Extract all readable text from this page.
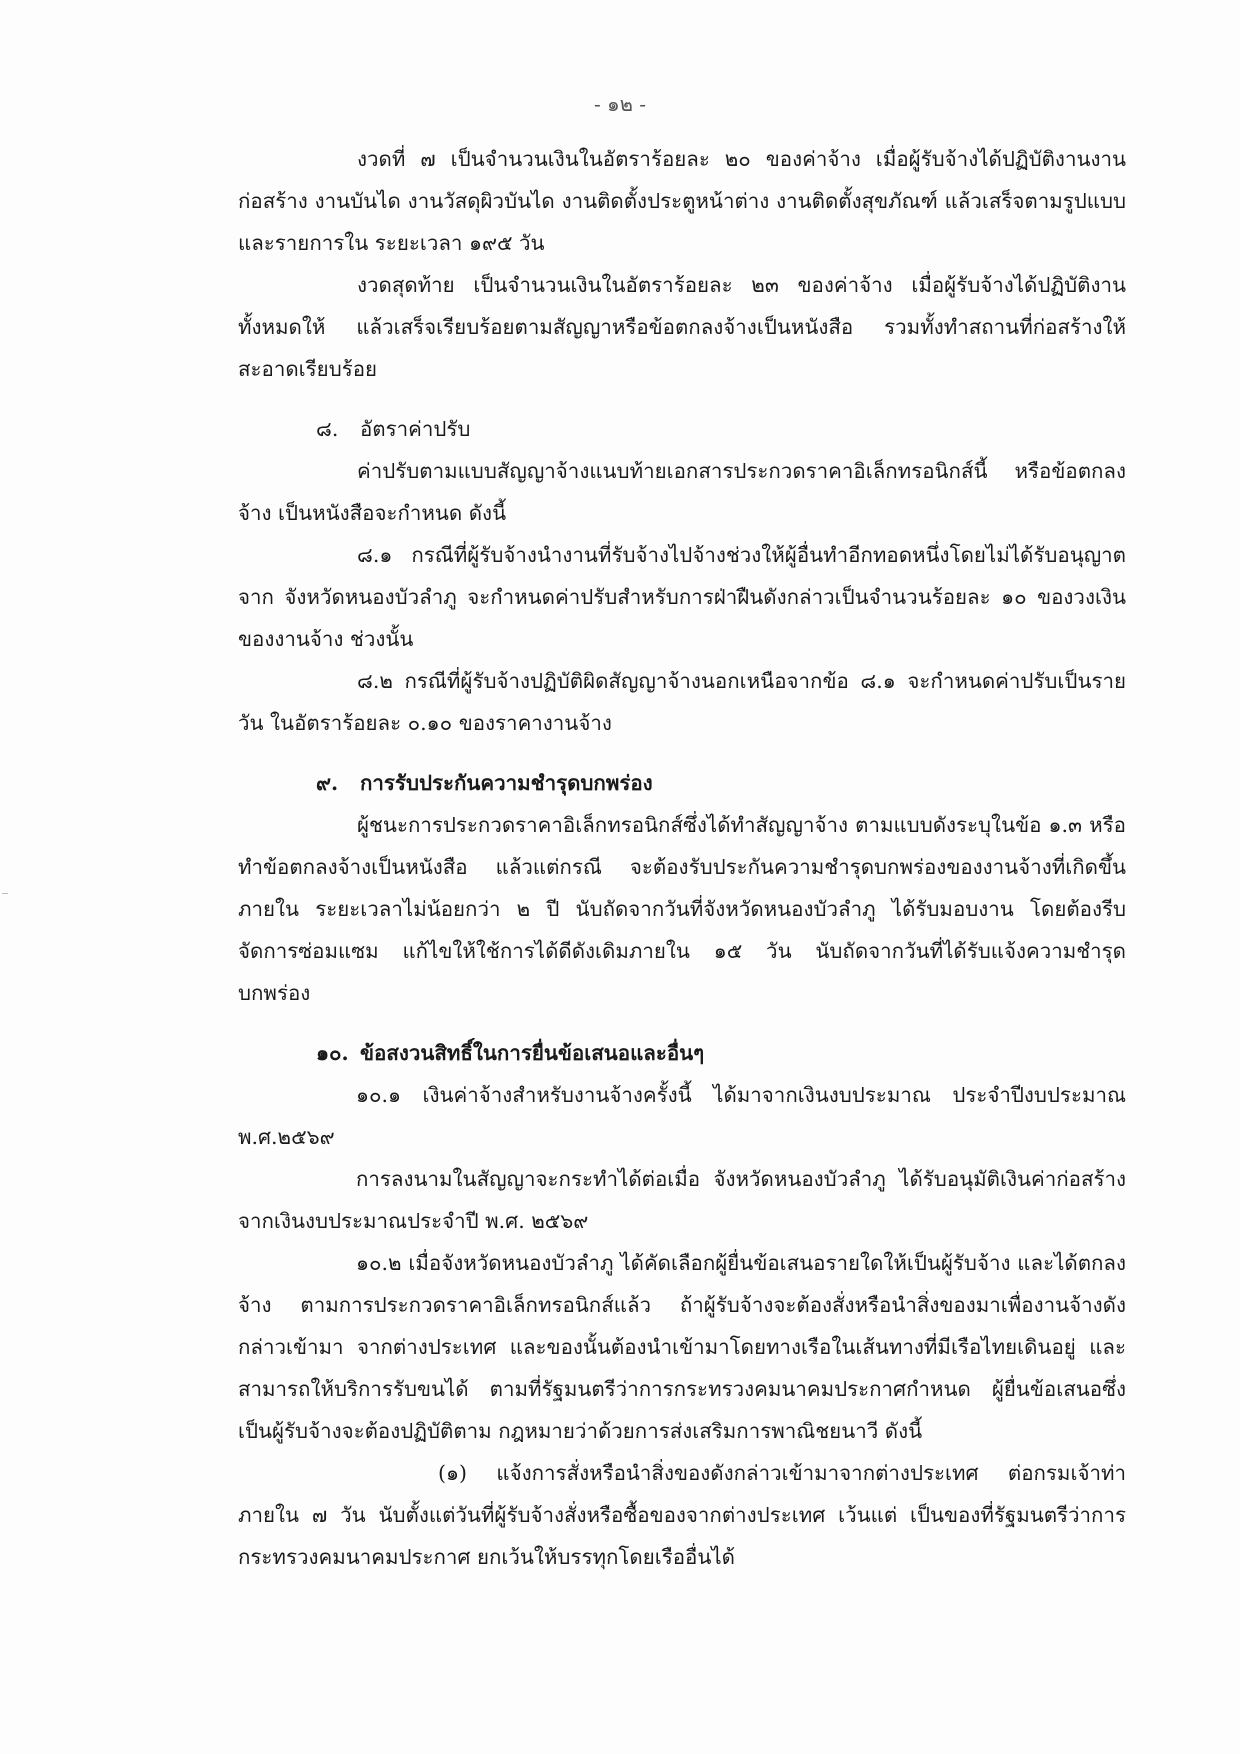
- ๑๒ -

งวดที่ ๗ เป็นจำนวนเงินในอัตราร้อยละ ๒๐ ของค่าจ้าง เมื่อผู้รับจ้างได้ปฏิบัติงานงานก่อสร้าง งานบันได งานวัสดุผิวบันได งานติดตั้งประตูหน้าต่าง งานติดตั้งสุขภัณฑ์ แล้วเสร็จตามรูปแบบและรายการใน ระยะเวลา ๑๙๕ วัน

งวดสุดท้าย เป็นจำนวนเงินในอัตราร้อยละ ๒๓ ของค่าจ้าง เมื่อผู้รับจ้างได้ปฏิบัติงานทั้งหมดให้ แล้วเสร็จเรียบร้อยตามสัญญาหรือข้อตกลงจ้างเป็นหนังสือ รวมทั้งทำสถานที่ก่อสร้างให้สะอาดเรียบร้อย

๘. อัตราค่าปรับ

ค่าปรับตามแบบสัญญาจ้างแนบท้ายเอกสารประกวดราคาอิเล็กทรอนิกส์นี้ หรือข้อตกลงจ้าง เป็นหนังสือจะกำหนด ดังนี้

๘.๑ กรณีที่ผู้รับจ้างนำงานที่รับจ้างไปจ้างช่วงให้ผู้อื่นทำอีกทอดหนึ่งโดยไม่ได้รับอนุญาตจาก จังหวัดหนองบัวลำภู จะกำหนดค่าปรับสำหรับการฝ่าฝืนดังกล่าวเป็นจำนวนร้อยละ ๑๐ ของวงเงินของงานจ้าง ช่วงนั้น

๘.๒ กรณีที่ผู้รับจ้างปฏิบัติผิดสัญญาจ้างนอกเหนือจากข้อ ๘.๑ จะกำหนดค่าปรับเป็นรายวัน ในอัตราร้อยละ ๐.๑๐ ของราคางานจ้าง

๙. การรับประกันความชำรุดบกพร่อง

ผู้ชนะการประกวดราคาอิเล็กทรอนิกส์ซึ่งได้ทำสัญญาจ้าง ตามแบบดังระบุในข้อ ๑.๓ หรือทำข้อตกลงจ้างเป็นหนังสือ แล้วแต่กรณี จะต้องรับประกันความชำรุดบกพร่องของงานจ้างที่เกิดขึ้นภายใน ระยะเวลาไม่น้อยกว่า ๒ ปี นับถัดจากวันที่จังหวัดหนองบัวลำภู ได้รับมอบงาน โดยต้องรีบจัดการซ่อมแซม แก้ไขให้ใช้การได้ดีดังเดิมภายใน ๑๕ วัน นับถัดจากวันที่ได้รับแจ้งความชำรุดบกพร่อง

๑๐. ข้อสงวนสิทธิ์ในการยื่นข้อเสนอและอื่นๆ

๑๐.๑ เงินค่าจ้างสำหรับงานจ้างครั้งนี้ ได้มาจากเงินงบประมาณ ประจำปีงบประมาณ พ.ศ.๒๕๖๙

การลงนามในสัญญาจะกระทำได้ต่อเมื่อ จังหวัดหนองบัวลำภู ได้รับอนุมัติเงินค่าก่อสร้าง จากเงินงบประมาณประจำปี พ.ศ. ๒๕๖๙

๑๐.๒ เมื่อจังหวัดหนองบัวลำภู ได้คัดเลือกผู้ยื่นข้อเสนอรายใดให้เป็นผู้รับจ้าง และได้ตกลงจ้าง ตามการประกวดราคาอิเล็กทรอนิกส์แล้ว ถ้าผู้รับจ้างจะต้องสั่งหรือนำสิ่งของมาเพื่องานจ้างดังกล่าวเข้ามา จากต่างประเทศ และของนั้นต้องนำเข้ามาโดยทางเรือในเส้นทางที่มีเรือไทยเดินอยู่ และสามารถให้บริการรับขนได้ ตามที่รัฐมนตรีว่าการกระทรวงคมนาคมประกาศกำหนด ผู้ยื่นข้อเสนอซึ่งเป็นผู้รับจ้างจะต้องปฏิบัติตาม กฎหมายว่าด้วยการส่งเสริมการพาณิชยนาวี ดังนี้

(๑) แจ้งการสั่งหรือนำสิ่งของดังกล่าวเข้ามาจากต่างประเทศ ต่อกรมเจ้าท่า ภายใน ๗ วัน นับตั้งแต่วันที่ผู้รับจ้างสั่งหรือซื้อของจากต่างประเทศ เว้นแต่ เป็นของที่รัฐมนตรีว่าการกระทรวงคมนาคมประกาศ ยกเว้นให้บรรทุกโดยเรืออื่นได้
